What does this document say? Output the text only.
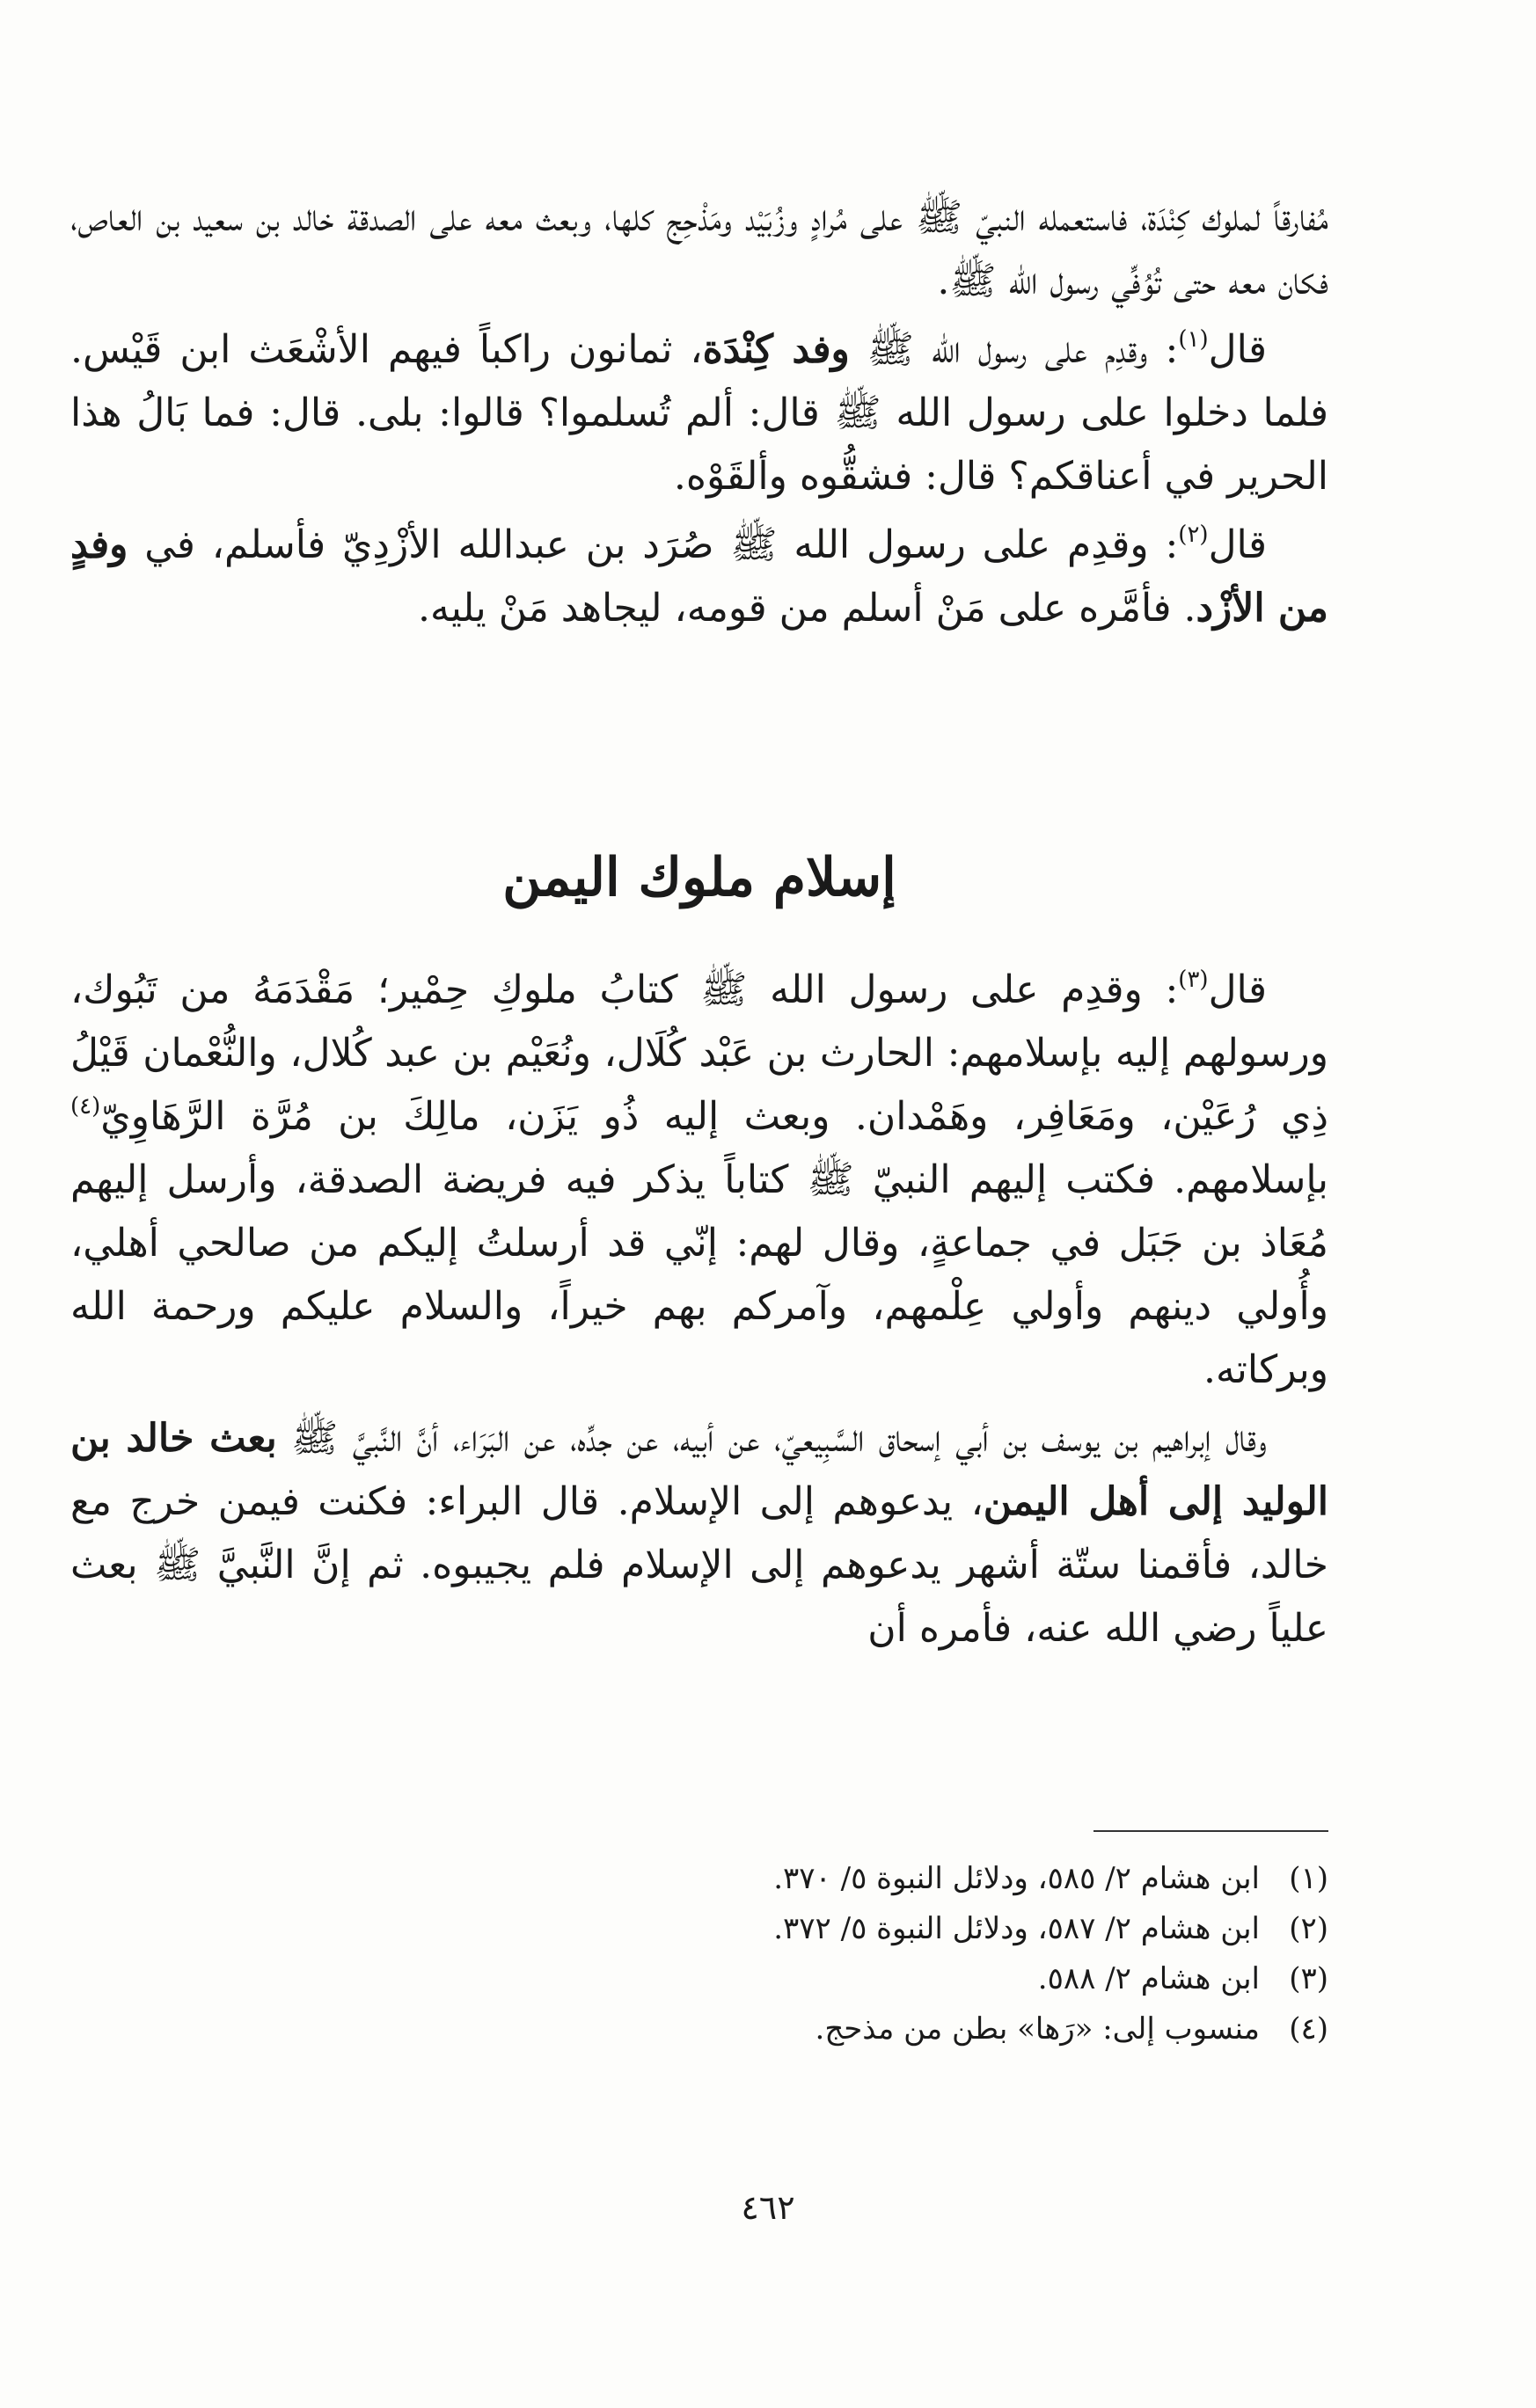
مُفارقاً لملوك كِنْدَة، فاستعمله النبيّ ﷺ على مُرادٍ وزُبَيْد ومَذْحِج كلها، وبعث معه على الصدقة خالد بن سعيد بن العاص، فكان معه حتى تُوُفِّي رسول الله ﷺ.

قال$^{(١)}$: وقدِم على رسول الله ﷺ وفد كِنْدَة، ثمانون راكباً فيهم الأشْعَث ابن قَيْس. فلما دخلوا على رسول الله ﷺ قال: ألم تُسلموا؟ قالوا: بلى. قال: فما بَالُ هذا الحرير في أعناقكم؟ قال: فشقُّوه وألقَوْه.

قال$^{(٢)}$: وقدِم على رسول الله ﷺ صُرَد بن عبدالله الأزْدِيّ فأسلم، في وفدٍ من الأزْد. فأمَّره على مَنْ أسلم من قومه، ليجاهد مَنْ يليه.

إسلام ملوك اليمن

قال$^{(٣)}$: وقدِم على رسول الله ﷺ كتابُ ملوكِ حِمْير؛ مَقْدَمَهُ من تَبُوك، ورسولهم إليه بإسلامهم: الحارث بن عَبْد كُلَال، ونُعَيْم بن عبد كُلال، والنُّعْمان قَيْلُ ذِي رُعَيْن، ومَعَافِر، وهَمْدان. وبعث إليه ذُو يَزَن، مالِكَ بن مُرَّة الرَّهَاوِيّ$^{(٤)}$ بإسلامهم. فكتب إليهم النبيّ ﷺ كتاباً يذكر فيه فريضة الصدقة، وأرسل إليهم مُعَاذ بن جَبَل في جماعةٍ، وقال لهم: إنّي قد أرسلتُ إليكم من صالحي أهلي، وأُولي دينهم وأولي عِلْمهم، وآمركم بهم خيراً، والسلام عليكم ورحمة الله وبركاته.

وقال إبراهيم بن يوسف بن أبي إسحاق السَّبِيعيّ، عن أبيه، عن جدِّه، عن البَرَاء، أنَّ النَّبيَّ ﷺ بعث خالد بن الوليد إلى أهل اليمن، يدعوهم إلى الإسلام. قال البراء: فكنت فيمن خرج مع خالد، فأقمنا ستّة أشهر يدعوهم إلى الإسلام فلم يجيبوه. ثم إنَّ النَّبيَّ ﷺ بعث علياً رضي الله عنه، فأمره أن

(١)
ابن هشام ٢/ ٥٨٥، ودلائل النبوة ٥/ ٣٧٠.
(٢)
ابن هشام ٢/ ٥٨٧، ودلائل النبوة ٥/ ٣٧٢.
(٣)
ابن هشام ٢/ ٥٨٨.
(٤)
منسوب إلى: «رَها» بطن من مذحج.
٤٦٢
